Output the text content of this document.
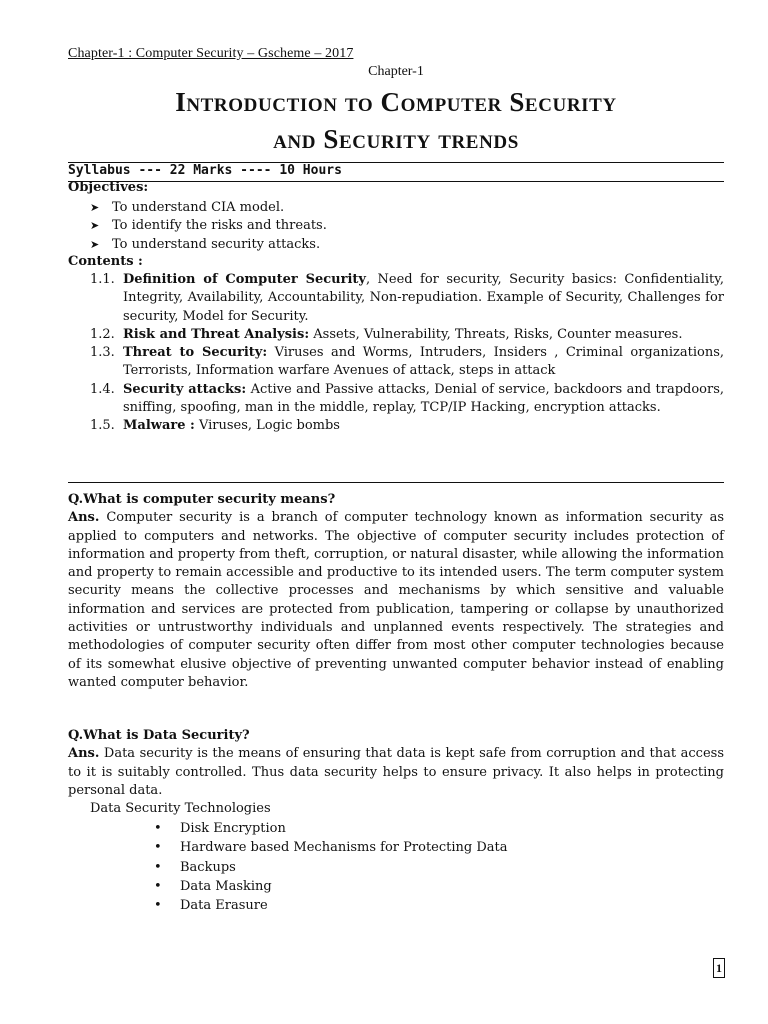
Chapter-1 : Computer Security – Gscheme – 2017
Chapter-1
Introduction to Computer Security
and Security trends
Syllabus --- 22 Marks ---- 10 Hours
Objectives:
➤ To understand CIA model.
➤ To identify the risks and threats.
➤ To understand security attacks.
Contents :
1.1. Definition of Computer Security, Need for security, Security basics: Confidentiality, Integrity, Availability, Accountability, Non-repudiation. Example of Security, Challenges for security, Model for Security.
1.2. Risk and Threat Analysis: Assets, Vulnerability, Threats, Risks, Counter measures.
1.3. Threat to Security: Viruses and Worms, Intruders, Insiders , Criminal organizations, Terrorists, Information warfare Avenues of attack, steps in attack
1.4. Security attacks: Active and Passive attacks, Denial of service, backdoors and trapdoors, sniffing, spoofing, man in the middle, replay, TCP/IP Hacking, encryption attacks.
1.5. Malware : Viruses, Logic bombs
Q.What is computer security means?

Ans. Computer security is a branch of computer technology known as information security as applied to computers and networks. The objective of computer security includes protection of information and property from theft, corruption, or natural disaster, while allowing the information and property to remain accessible and productive to its intended users. The term computer system security means the collective processes and mechanisms by which sensitive and valuable information and services are protected from publication, tampering or collapse by unauthorized activities or untrustworthy individuals and unplanned events respectively. The strategies and methodologies of computer security often differ from most other computer technologies because of its somewhat elusive objective of preventing unwanted computer behavior instead of enabling wanted computer behavior.

Q.What is Data Security?

Ans. Data security is the means of ensuring that data is kept safe from corruption and that access to it is suitably controlled. Thus data security helps to ensure privacy. It also helps in protecting personal data.

Data Security Technologies
•	Disk Encryption
•	Hardware based Mechanisms for Protecting Data
•	Backups
•	Data Masking
•	Data Erasure
1
